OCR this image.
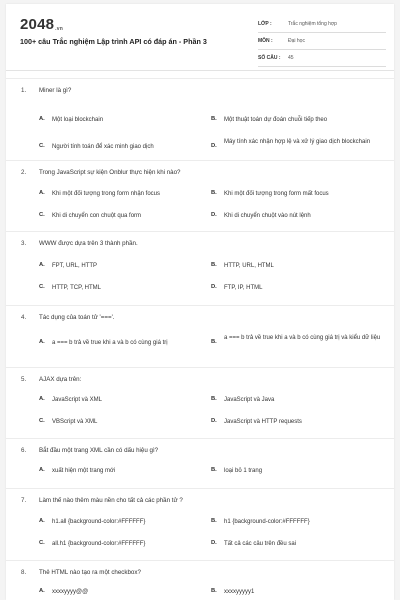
2048.vn
100+ câu Trắc nghiệm Lập trình API có đáp án - Phần 3
LỚP :	Trắc nghiệm tổng hợp
MÔN :	Đại học
SỐ CÂU : 45
1. Miner là gì?
A. Một loại blockchain	B. Một thuật toán dự đoán chuỗi tiếp theo
C. Người tính toán để xác minh giao dịch	D.
Máy tính xác nhận hợp lệ và xử lý giao dịch blockchain
2. Trong JavaScript sự kiện Onblur thực hiện khi nào?
A. Khi một đối tượng trong form nhận focus	B. Khi một đối tượng trong form mất focus
C. Khi di chuyển con chuột qua form	D. Khi di chuyển chuột vào nút lệnh
3. WWW được dựa trên 3 thành phần.
A. FPT, URL, HTTP	B. HTTP, URL, HTML
C. HTTP, TCP, HTML	D. FTP, IP, HTML
4. Tác dụng của toán tử '==='.
A. a === b trả về true khi a và b có cùng giá trị	B.
a === b trả về true khi a và b có cùng giá trị và kiểu dữ liệu
5. AJAX dựa trên:
A. JavaScript và XML	B. JavaScript và Java
C. VBScript và XML	D. JavaScript và HTTP requests
6. Bắt đầu một trang XML cần có dấu hiệu gì?
A. xuất hiện một trang mới	B. loại bỏ 1 trang
7. Làm thế nào thêm màu nền cho tất cả các phần tử ?
A. h1.all {background-color:#FFFFFF}	B. h1 {background-color:#FFFFFF}
C. all.h1 {background-color:#FFFFFF}	D. Tất cả các câu trên đều sai
8. Thẻ HTML nào tạo ra một checkbox?
A. xxxxyyyy@@	B. xxxxyyyyy1
